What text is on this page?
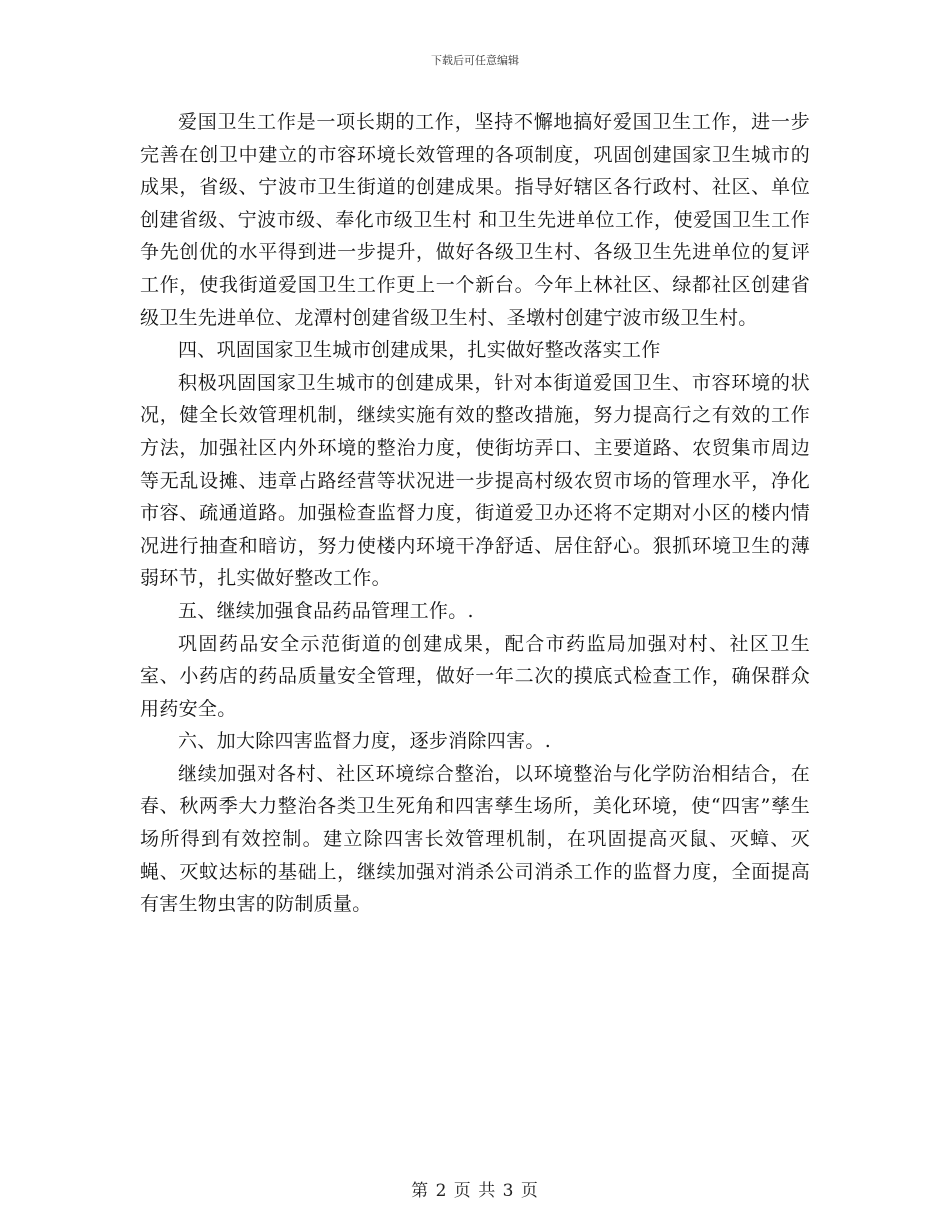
下载后可任意编辑

爱国卫生工作是一项长期的工作，坚持不懈地搞好爱国卫生工作，进一步完善在创卫中建立的市容环境长效管理的各项制度，巩固创建国家卫生城市的成果，省级、宁波市卫生街道的创建成果。指导好辖区各行政村、社区、单位创建省级、宁波市级、奉化市级卫生村 和卫生先进单位工作，使爱国卫生工作争先创优的水平得到进一步提升，做好各级卫生村、各级卫生先进单位的复评工作，使我街道爱国卫生工作更上一个新台。今年上林社区、绿都社区创建省级卫生先进单位、龙潭村创建省级卫生村、圣墩村创建宁波市级卫生村。

四、巩固国家卫生城市创建成果，扎实做好整改落实工作

积极巩固国家卫生城市的创建成果，针对本街道爱国卫生、市容环境的状况，健全长效管理机制，继续实施有效的整改措施，努力提高行之有效的工作方法，加强社区内外环境的整治力度，使街坊弄口、主要道路、农贸集市周边等无乱设摊、违章占路经营等状况进一步提高村级农贸市场的管理水平，净化市容、疏通道路。加强检查监督力度，街道爱卫办还将不定期对小区的楼内情况进行抽查和暗访，努力使楼内环境干净舒适、居住舒心。狠抓环境卫生的薄弱环节，扎实做好整改工作。

五、继续加强食品药品管理工作。.

巩固药品安全示范街道的创建成果，配合市药监局加强对村、社区卫生室、小药店的药品质量安全管理，做好一年二次的摸底式检查工作，确保群众用药安全。

六、加大除四害监督力度，逐步消除四害。.

继续加强对各村、社区环境综合整治，以环境整治与化学防治相结合，在春、秋两季大力整治各类卫生死角和四害孳生场所，美化环境，使“四害”孳生场所得到有效控制。建立除四害长效管理机制，在巩固提高灭鼠、灭蟑、灭蝇、灭蚊达标的基础上，继续加强对消杀公司消杀工作的监督力度，全面提高有害生物虫害的防制质量。

第 2 页 共 3 页
